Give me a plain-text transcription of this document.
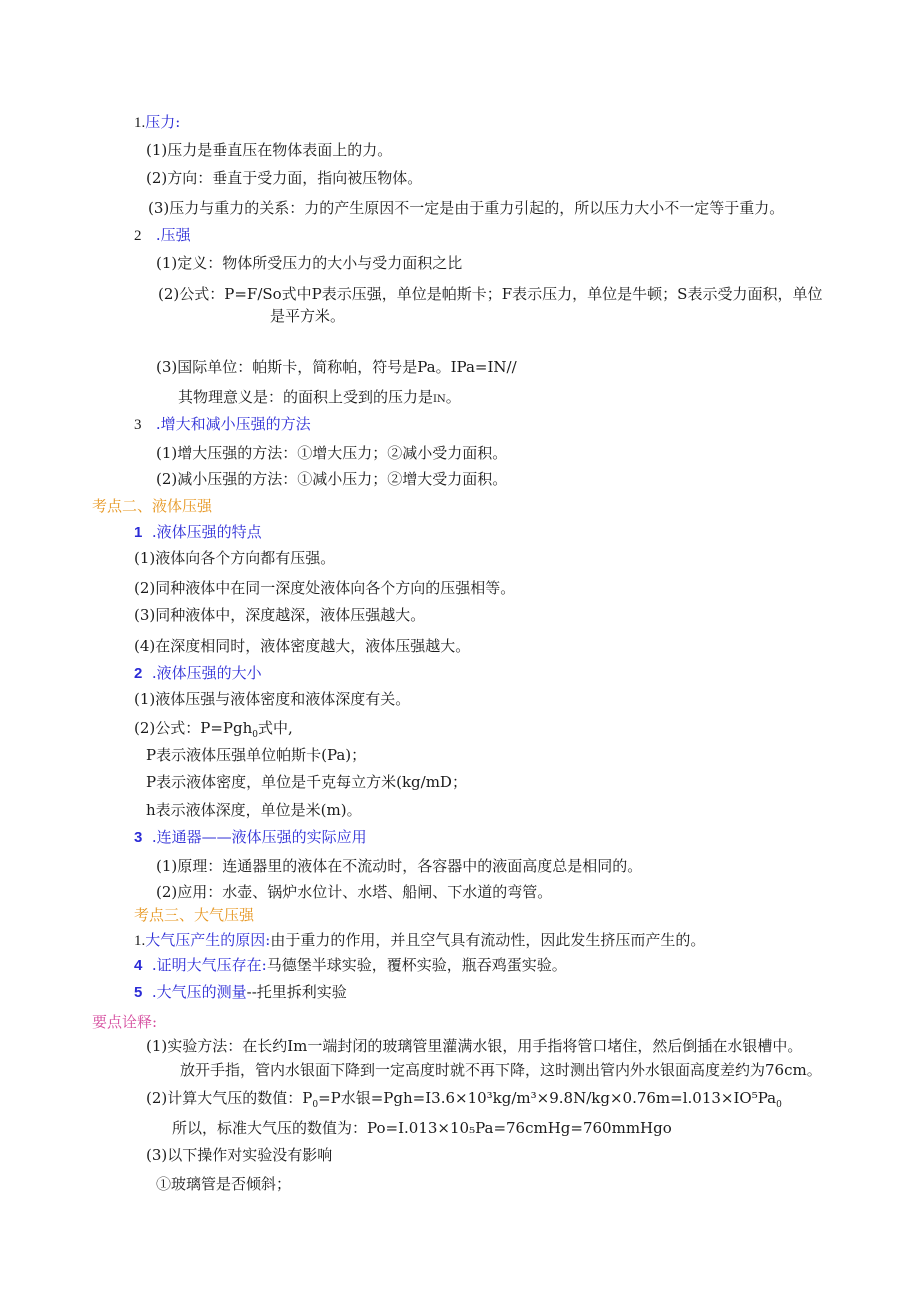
1.压力:
(1)压力是垂直压在物体表面上的力。
(2)方向：垂直于受力面，指向被压物体。
(3)压力与重力的关系：力的产生原因不一定是由于重力引起的，所以压力大小不一定等于重力。
2 .压强
(1)定义：物体所受压力的大小与受力面积之比
(2)公式：P=F/So式中P表示压强，单位是帕斯卡；F表示压力，单位是牛顿；S表示受力面积，单位
是平方米。
(3)国际单位：帕斯卡，简称帕，符号是Pa。IPa=IN//
其物理意义是：的面积上受到的压力是IN。
3 .增大和减小压强的方法
(1)增大压强的方法：①增大压力；②减小受力面积。
(2)减小压强的方法：①减小压力；②增大受力面积。
考点二、液体压强
1 .液体压强的特点
(1)液体向各个方向都有压强。
(2)同种液体中在同一深度处液体向各个方向的压强相等。
(3)同种液体中，深度越深，液体压强越大。
(4)在深度相同时，液体密度越大，液体压强越大。
2 .液体压强的大小
(1)液体压强与液体密度和液体深度有关。
(2)公式：P=Pgh$_0$式中,
P表示液体压强单位帕斯卡(Pa)；
P表示液体密度，单位是千克每立方米(kg/mD；
h表示液体深度，单位是米(m)。
3 .连通器——液体压强的实际应用
(1)原理：连通器里的液体在不流动时，各容器中的液面高度总是相同的。
(2)应用：水壶、锅炉水位计、水塔、船闸、下水道的弯管。
考点三、大气压强
1.大气压产生的原因:由于重力的作用，并且空气具有流动性，因此发生挤压而产生的。
4 .证明大气压存在:马德堡半球实验，覆杯实验，瓶吞鸡蛋实验。
5 .大气压的测量--托里拆利实验
要点诠释:
(1)实验方法：在长约Im一端封闭的玻璃管里灌满水银，用手指将管口堵住，然后倒插在水银槽中。
放开手指，管内水银面下降到一定高度时就不再下降，这时测出管内外水银面高度差约为76cm。
(2)计算大气压的数值：$P_0=P$水银$=Pgh=I3.6\times 10^3kg/m^3\times 9.8N/kg\times 0.76m=l.013\times IO^5Pa_0$
所以，标准大气压的数值为：Po=I.013×10₅Pa=76cmHg=760mmHgo
(3)以下操作对实验没有影响
①玻璃管是否倾斜；
